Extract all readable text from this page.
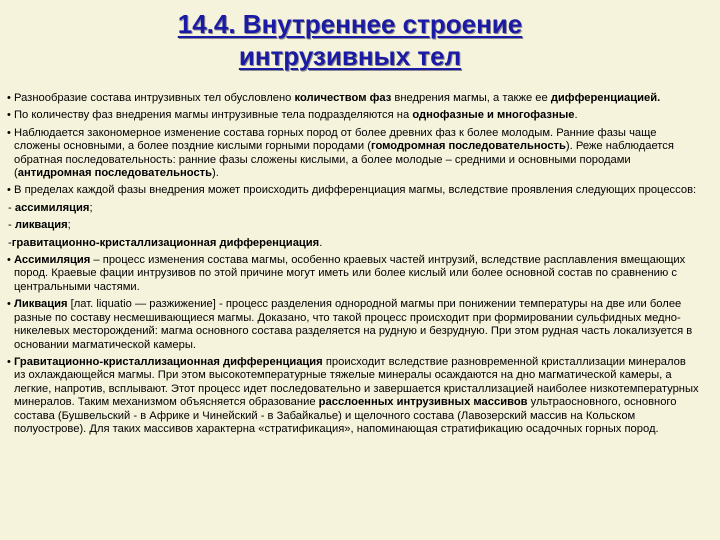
14.4. Внутреннее строение
интрузивных тел

• Разнообразие состава интрузивных тел обусловлено количеством фаз внедрения магмы, а также ее дифференциацией.

• По количеству фаз внедрения магмы интрузивные тела подразделяются на однофазные и многофазные.

• Наблюдается закономерное изменение состава горных пород от более древних фаз к более молодым. Ранние фазы чаще сложены основными, а более поздние кислыми горными породами (гомодромная последовательность). Реже наблюдается обратная последовательность: ранние фазы сложены кислыми, а более молодые – средними и основными породами (антидромная последовательность).

• В пределах каждой фазы внедрения может происходить дифференциация магмы, вследствие проявления следующих процессов:

- ассимиляция;

- ликвация;

-гравитационно-кристаллизационная дифференциация.

• Ассимиляция – процесс изменения состава магмы, особенно краевых частей интрузий, вследствие расплавления вмещающих пород. Краевые фации интрузивов по этой причине могут иметь или более кислый или более основной состав по сравнению с центральными частями.

• Ликвация [лат. liquatio — разжижение] - процесс разделения однородной магмы при понижении температуры на две или более разные по составу несмешивающиеся магмы. Доказано, что такой процесс происходит при формировании сульфидных медно-никелевых месторождений: магма основного состава разделяется на рудную и безрудную. При этом рудная часть локализуется в основании магматической камеры.

• Гравитационно-кристаллизационная дифференциация происходит вследствие разновременной кристаллизации минералов из охлаждающейся магмы. При этом высокотемпературные тяжелые минералы осаждаются на дно магматической камеры, а легкие, напротив, всплывают. Этот процесс идет последовательно и завершается кристаллизацией наиболее низкотемпературных минералов. Таким механизмом объясняется образование расслоенных интрузивных массивов ультраосновного, основного состава (Бушвельский - в Африке и Чинейский - в Забайкалье) и щелочного состава (Лавозерский массив на Кольском полуострове). Для таких массивов характерна «стратификация», напоминающая стратификацию осадочных горных пород.
